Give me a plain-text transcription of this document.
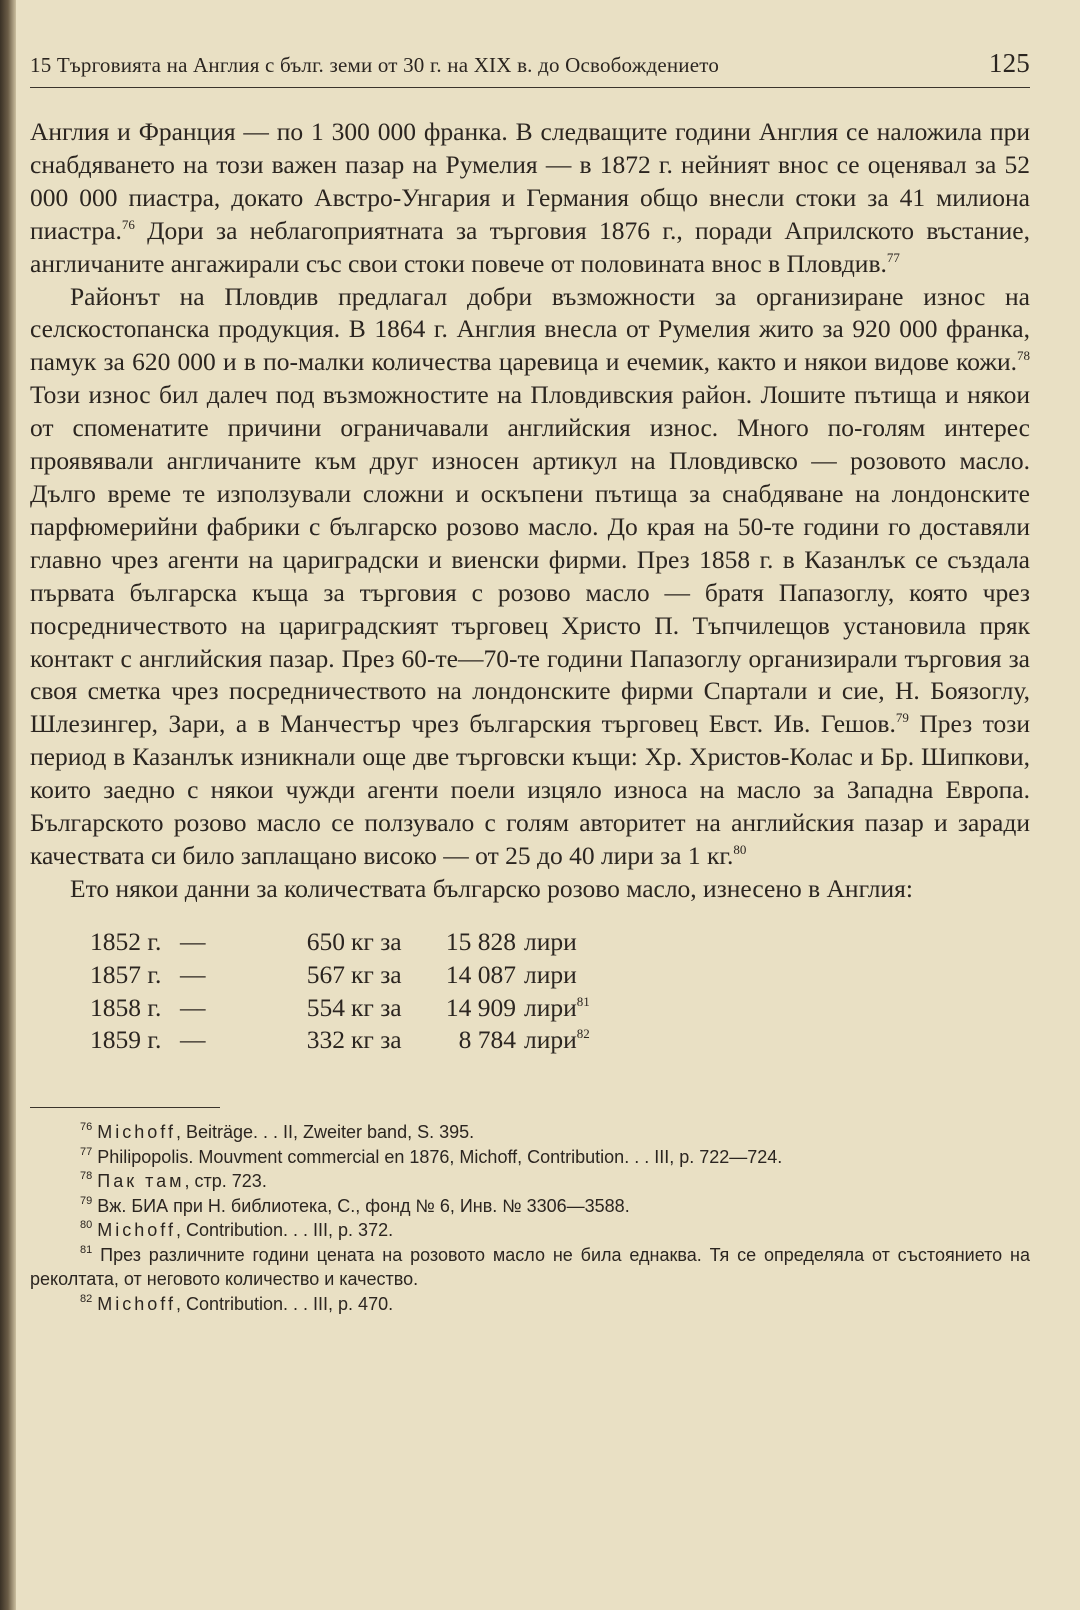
15 Търговията на Англия с бълг. земи от 30 г. на XIX в. до Освобождението	125

Англия и Франция — по 1 300 000 франка. В следващите години Англия се наложила при снабдяването на този важен пазар на Румелия — в 1872 г. нейният внос се оценявал за 52 000 000 пиастра, докато Австро-Унгария и Германия общо внесли стоки за 41 милиона пиастра.$^{76}$ Дори за неблагоприятната за търговия 1876 г., поради Априлското въстание, англичаните ангажирали със свои стоки повече от половината внос в Пловдив.$^{77}$

Районът на Пловдив предлагал добри възможности за организиране износ на селскостопанска продукция. В 1864 г. Англия внесла от Румелия жито за 920 000 франка, памук за 620 000 и в по-малки количества царевица и ечемик, както и някои видове кожи.$^{78}$ Този износ бил далеч под възможностите на Пловдивския район. Лошите пътища и някои от споменатите причини ограничавали английския износ. Много по-голям интерес проявявали англичаните към друг износен артикул на Пловдивско — розовото масло. Дълго време те използували сложни и оскъпени пътища за снабдяване на лондонските парфюмерийни фабрики с българско розово масло. До края на 50-те години го доставяли главно чрез агенти на цариградски и виенски фирми. През 1858 г. в Казанлък се създала първата българска къща за търговия с розово масло — братя Папазоглу, която чрез посредничеството на цариградският търговец Христо П. Тъпчилещов установила пряк контакт с английския пазар. През 60-те—70-те години Папазоглу организирали търговия за своя сметка чрез посредничеството на лондонските фирми Спартали и сие, Н. Боязоглу, Шлезингер, Зари, а в Манчестър чрез българския търговец Евст. Ив. Гешов.$^{79}$ През този период в Казанлък изникнали още две търговски къщи: Хр. Христов-Колас и Бр. Шипкови, които заедно с някои чужди агенти поели изцяло износа на масло за Западна Европа. Българското розово масло се ползувало с голям авторитет на английския пазар и заради качествата си било заплащано високо — от 25 до 40 лири за 1 кг.$^{80}$

Ето някои данни за количествата българско розово масло, изнесено в Англия:

1852 г. —	650 кг за	15 828 лири
1857 г. —	567 кг за	14 087 лири
1858 г. —	554 кг за	14 909 лири$^{81}$
1859 г. —	332 кг за	8 784 лири$^{82}$
$^{76}$ Michoff, Beiträge. . . II, Zweiter band, S. 395.
$^{77}$ Philipopolis. Mouvment commercial en 1876, Michoff, Contribution. . . III, p. 722—724.
$^{78}$ Пак там, стр. 723.
$^{79}$ Вж. БИА при Н. библиотека, С., фонд № 6, Инв. № 3306—3588.
$^{80}$ Michoff, Contribution. . . III, p. 372.
$^{81}$ През различните години цената на розовото масло не била еднаква. Тя се определяла от състоянието на реколтата, от неговото количество и качество.
$^{82}$ Michoff, Contribution. . . III, p. 470.
